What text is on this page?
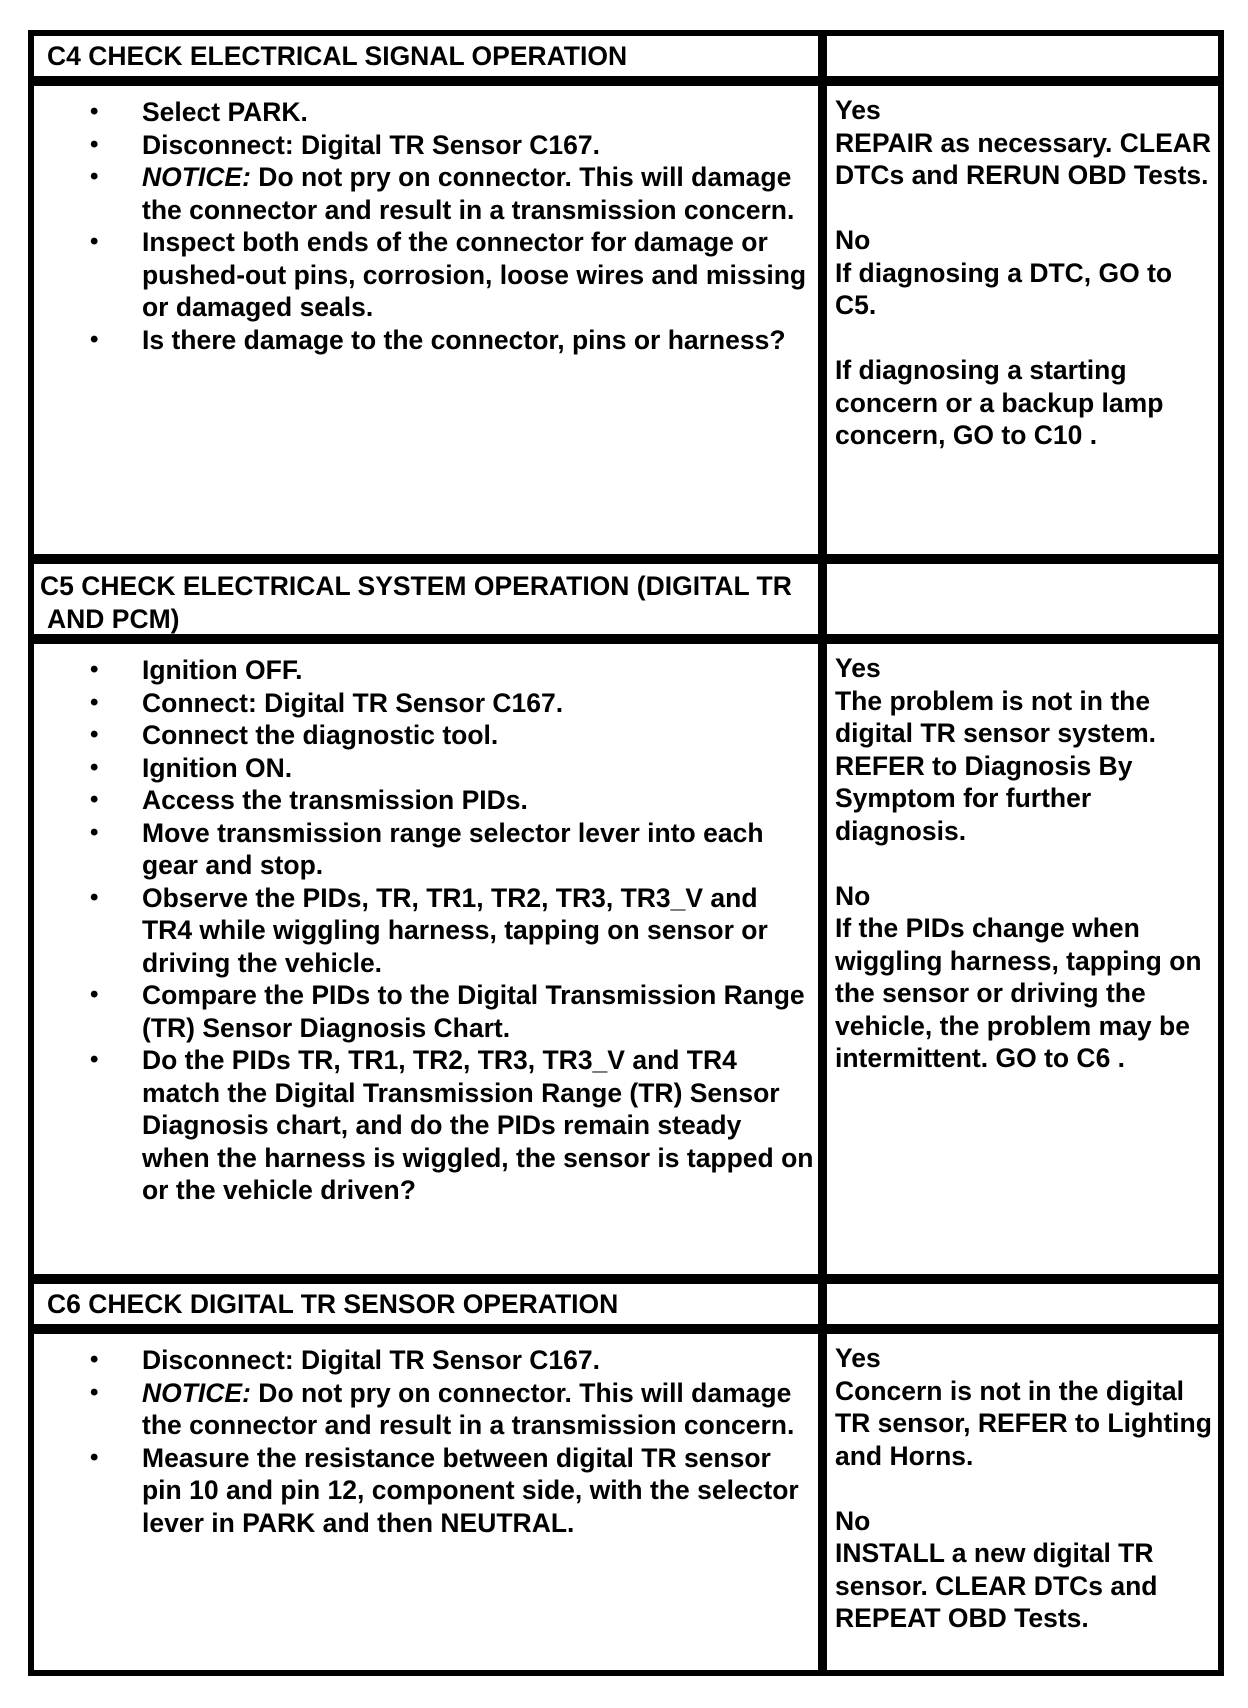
C4 CHECK ELECTRICAL SIGNAL OPERATION
• Select PARK.
• Disconnect: Digital TR Sensor C167.
• NOTICE: Do not pry on connector. This will damage the connector and result in a transmission concern.
• Inspect both ends of the connector for damage or pushed-out pins, corrosion, loose wires and missing or damaged seals.
• Is there damage to the connector, pins or harness?
Yes
REPAIR as necessary. CLEAR DTCs and RERUN OBD Tests.
No
If diagnosing a DTC, GO to C5.
If diagnosing a starting concern or a backup lamp concern, GO to C10 .
C5 CHECK ELECTRICAL SYSTEM OPERATION (DIGITAL TR AND PCM)
• Ignition OFF.
• Connect: Digital TR Sensor C167.
• Connect the diagnostic tool.
• Ignition ON.
• Access the transmission PIDs.
• Move transmission range selector lever into each gear and stop.
• Observe the PIDs, TR, TR1, TR2, TR3, TR3_V and TR4 while wiggling harness, tapping on sensor or driving the vehicle.
• Compare the PIDs to the Digital Transmission Range (TR) Sensor Diagnosis Chart.
• Do the PIDs TR, TR1, TR2, TR3, TR3_V and TR4 match the Digital Transmission Range (TR) Sensor Diagnosis chart, and do the PIDs remain steady when the harness is wiggled, the sensor is tapped on or the vehicle driven?
Yes
The problem is not in the digital TR sensor system. REFER to Diagnosis By Symptom for further diagnosis.
No
If the PIDs change when wiggling harness, tapping on the sensor or driving the vehicle, the problem may be intermittent. GO to C6 .
C6 CHECK DIGITAL TR SENSOR OPERATION
• Disconnect: Digital TR Sensor C167.
• NOTICE: Do not pry on connector. This will damage the connector and result in a transmission concern.
• Measure the resistance between digital TR sensor pin 10 and pin 12, component side, with the selector lever in PARK and then NEUTRAL.
Yes
Concern is not in the digital TR sensor, REFER to Lighting and Horns.
No
INSTALL a new digital TR sensor. CLEAR DTCs and REPEAT OBD Tests.
